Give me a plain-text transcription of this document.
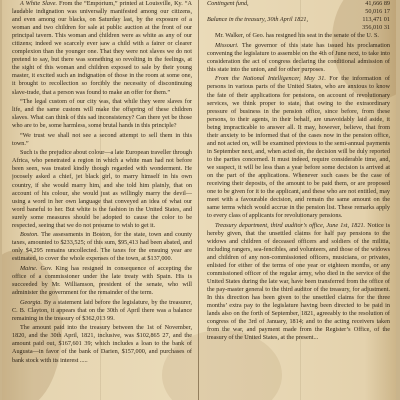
A White Slave. From the “Emporium,” printed at Louisville, Ky. “A laudable indignation was universally manifested among our citizens, and even among our blacks, on Saturday last, by the exposure of a woman and two children for sale at public auction at the front of our principal tavern. This woman and children were as white as any of our citizens; indeed we scarcely ever saw a child with a fairer or clearer complexion than the younger one. That they were not slaves we do not pretend to say, but there was something so revolting in the feelings, at the sight of this woman and children exposed to sale by their young master, it excited such an indignation of those in the room at some one, it brought to recollection so forcibly the necessity of discontinuing slave-trade, that a person was found to make an offer for them.”

“The legal custom of our city was, that while they were slaves for life, and the same custom will make the offspring of these children slaves. What can think of this sad inconsistency? Can there yet be those who are to be, some harmless, some brutal hands in this principle?

“We trust we shall not see a second attempt to sell them in this town.”

Such is the prejudice about colour—a late European traveller through Africa, who penetrated a region in which a white man had not before been seen, was treated kindly though regarded with wonderment. He jocosely asked a chief, jet black girl, to marry himself in his own country, if she would marry him, and she told him plainly, that on account of his colour, she would just as willingly marry the devil—using a word in her own language that conveyed an idea of what our word baneful to her. But white is the fashion in the United States, and surely some measures should be adopted to cause the color to be respected, seeing that we do not presume to wish to get it.

Boston. The assessments in Boston, for the state, town and county taxes, amounted to $233,525; of this sum, $95,413 had been abated, and only $4,295 remains uncollected. The taxes for the ensuing year are estimated, to cover the whole expenses of the town, at $137,000.

Maine. Gov. King has resigned in consequence of accepting the office of a commissioner under the late treaty with Spain. His is succeeded by Mr. Williamson, president of the senate, who will administer the government for the remainder of the term.

Georgia. By a statement laid before the legislature, by the treasurer, C. B. Clayton, it appears that on the 30th of April there was a balance remaining in the treasury of $362,013 99.

The amount paid into the treasury between the 1st of November, 1820, and the 30th April, 1821, inclusive, was $102,865 27, and the amount paid out, $167,601 39; which includes a loan to the bank of Augusta—in favor of the bank of Darien, $157,000, and purchases of bank stock with its interest .....

Contingent fund,	41,666 89
50,016 17
Balance in the treasury, 30th April 1821,	113,471 01
356,010 31

Mr. Walker, of Geo. has resigned his seat in the senate of the U. S.

Missouri. The governor of this state has issued his proclamation convening the legislature to assemble on the 4th of June next, to take into consideration the act of congress declaring the conditional admission of this state into the union, and for other purposes.

From the National Intelligencer, May 31. For the information of persons in various parts of the United States, who are anxious to know the fate of their applications for pensions, on account of revolutionary services, we think proper to state, that owing to the extraordinary pressure of business in the pension office, since before, from these persons, to their agents, in their behalf, are unavoidably laid aside, it being impracticable to answer all. It may, however, believe, that from their anxiety to be informed that of the cases now in the pension office, and not acted on, will be examined previous to the semi-annual payments in September next, and, when acted on, the decision will be duly reported to the parties concerned. It must indeed, require considerable time, and, we suspect, it will be less than a year before some decision is arrived at on the part of the applications. Whenever such cases be the case of receiving their deposits, of the amount to be paid them, or are proposed one to be given for it to the applicant, and these who are not entitled, may meet with a favourable decision, and remain the same amount on the same terms which would accrue in the pension list. These remarks apply to every class of applicants for revolutionary pensions.

Treasury department, third auditor’s office, June 1st, 1821. Notice is hereby given, that the unsettled claims for half pay pensions to the widows and children of deceased officers and soldiers of the militia, including rangers, sea-fencibles, and volunteers, and those of the widows and children of any non-commissioned officers, musicians, or privates, enlisted for either of the terms of one year or eighteen months, or any commissioned officer of the regular army, who died in the service of the United States during the late war, have been transferred from the office of the pay-master general to the third auditor of the treasury, for adjustment. In this direction has been given to the unsettled claims for the three months’ extra pay to the legislature having been directed to be paid in lands also on the forth of September, 1821, agreeably to the resolution of congress of the 3rd of January, 1814; and to the acting receivers taken from the war, and payment made from the Register’s Office, of the treasury of the United States, at the present...
